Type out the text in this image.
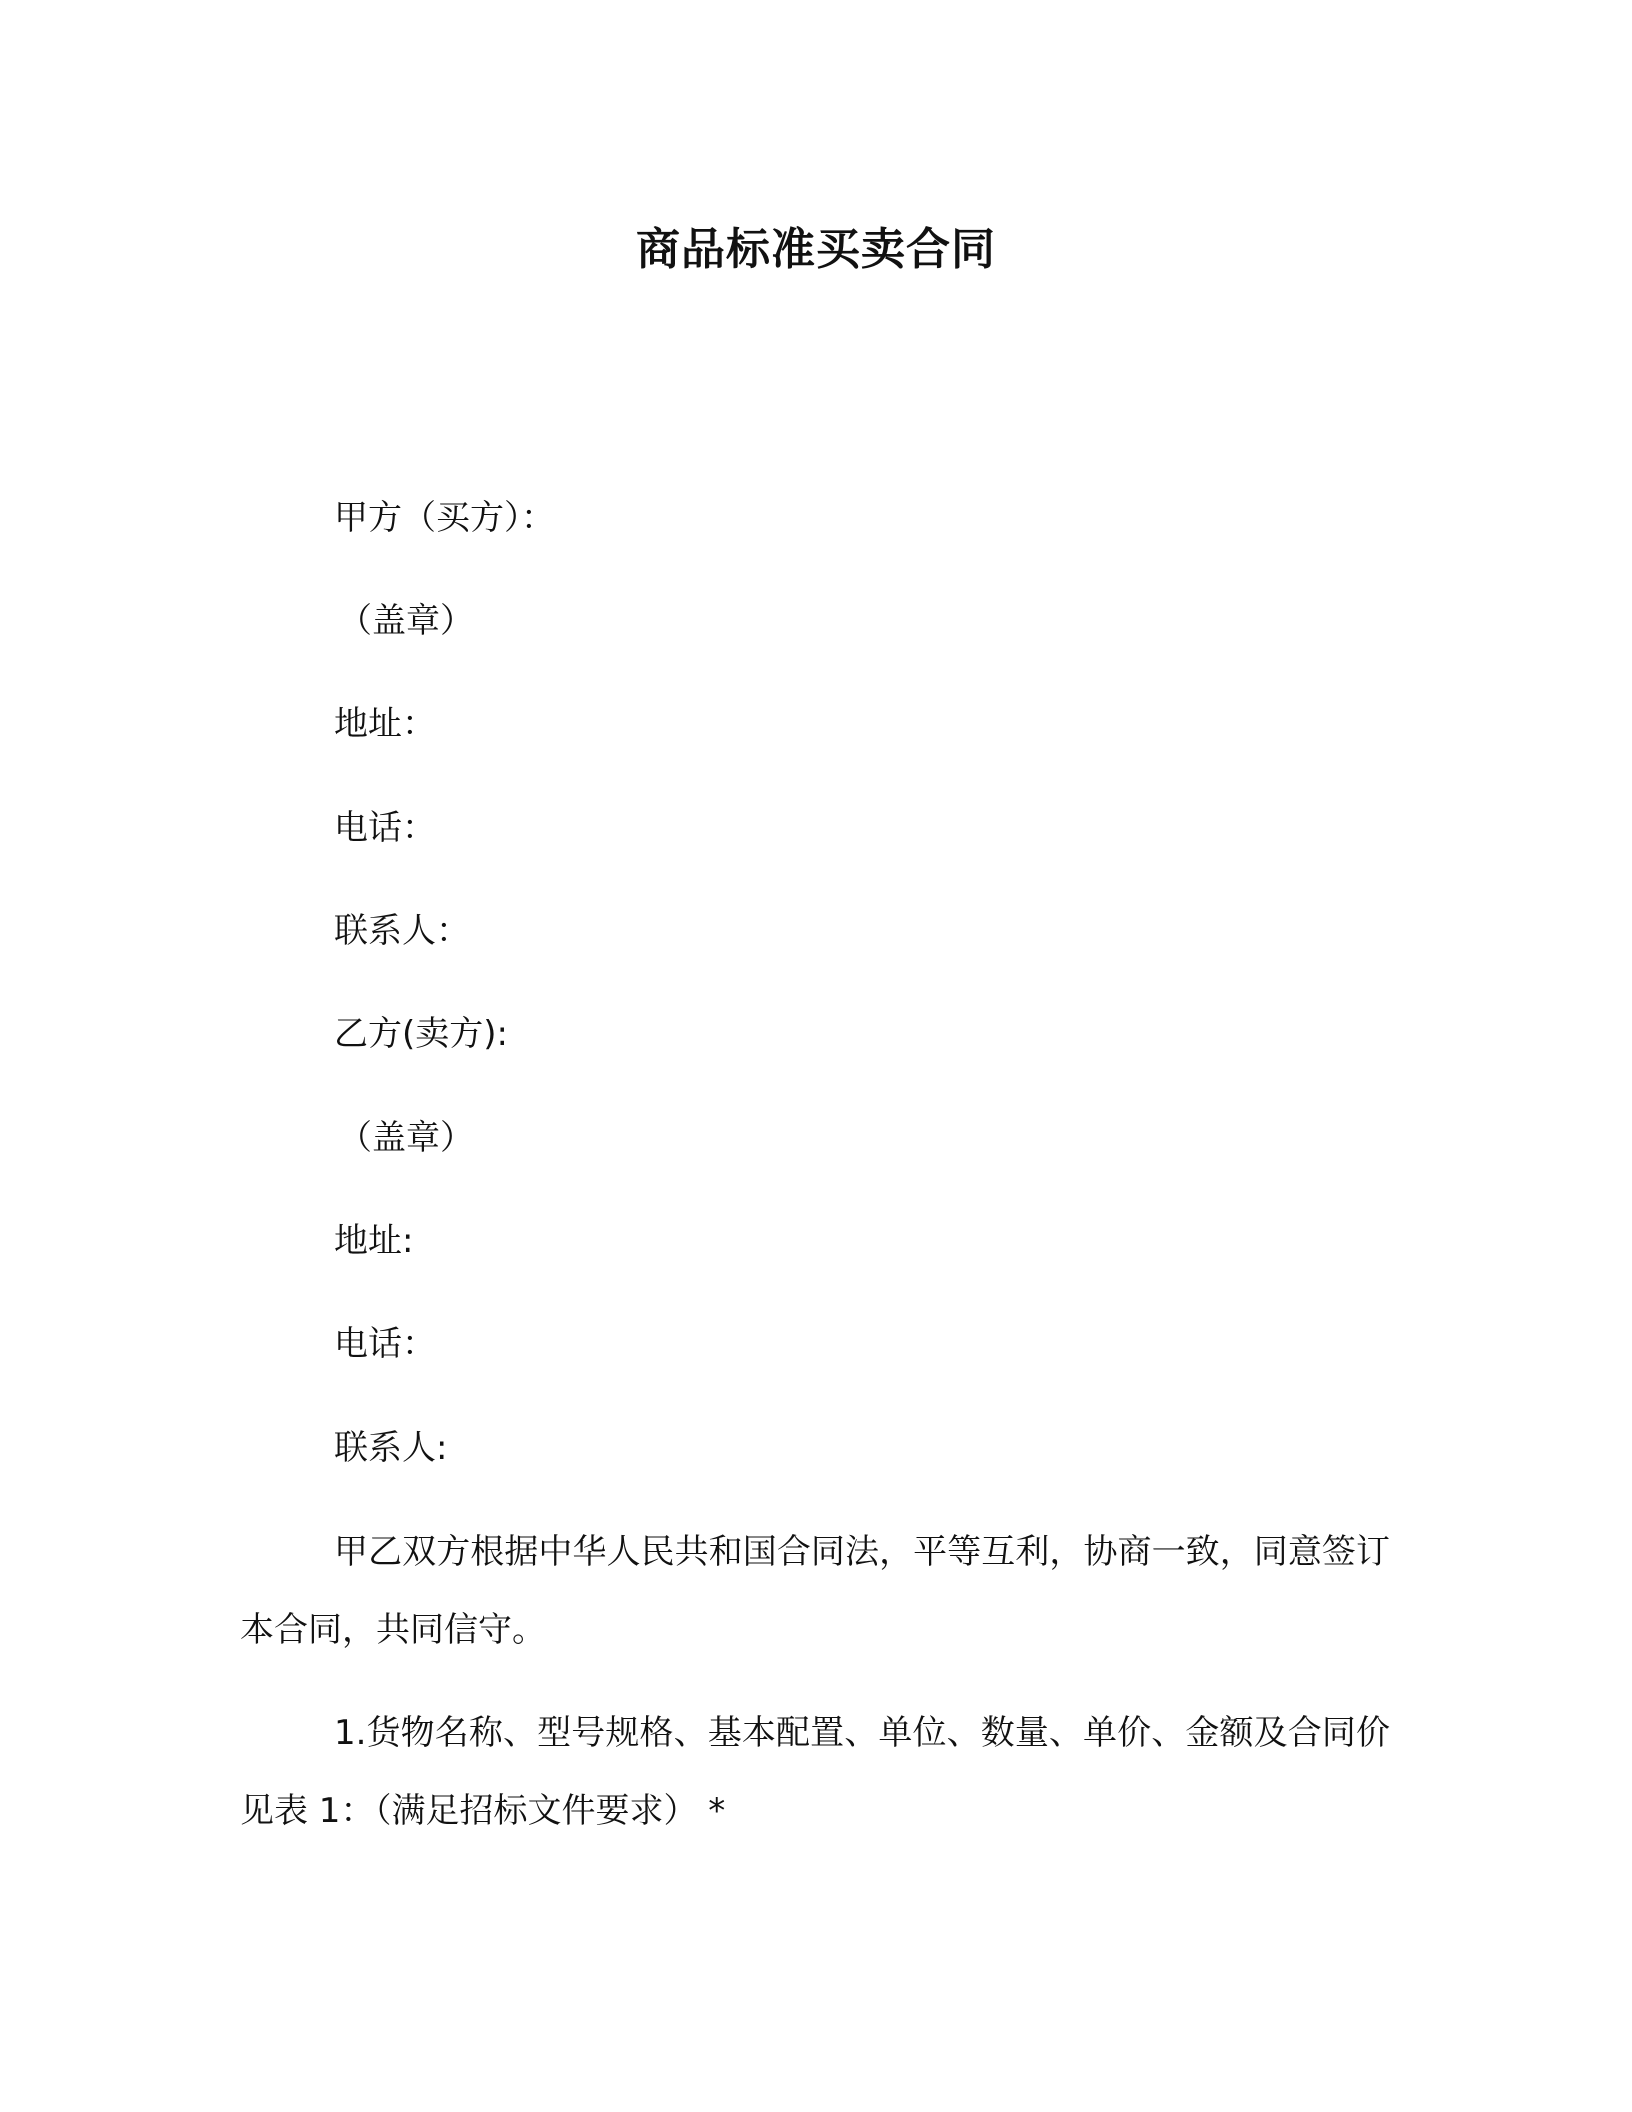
商品标准买卖合同
甲方（买方）：
（盖章）
地址：
电话：
联系人：
乙方(卖方):
（盖章）
地址:
电话：
联系人:
甲乙双方根据中华人民共和国合同法，平等互利，协商一致，同意签订本合同，共同信守。
1.货物名称、型号规格、基本配置、单位、数量、单价、金额及合同价见表 1：（满足招标文件要求） *
